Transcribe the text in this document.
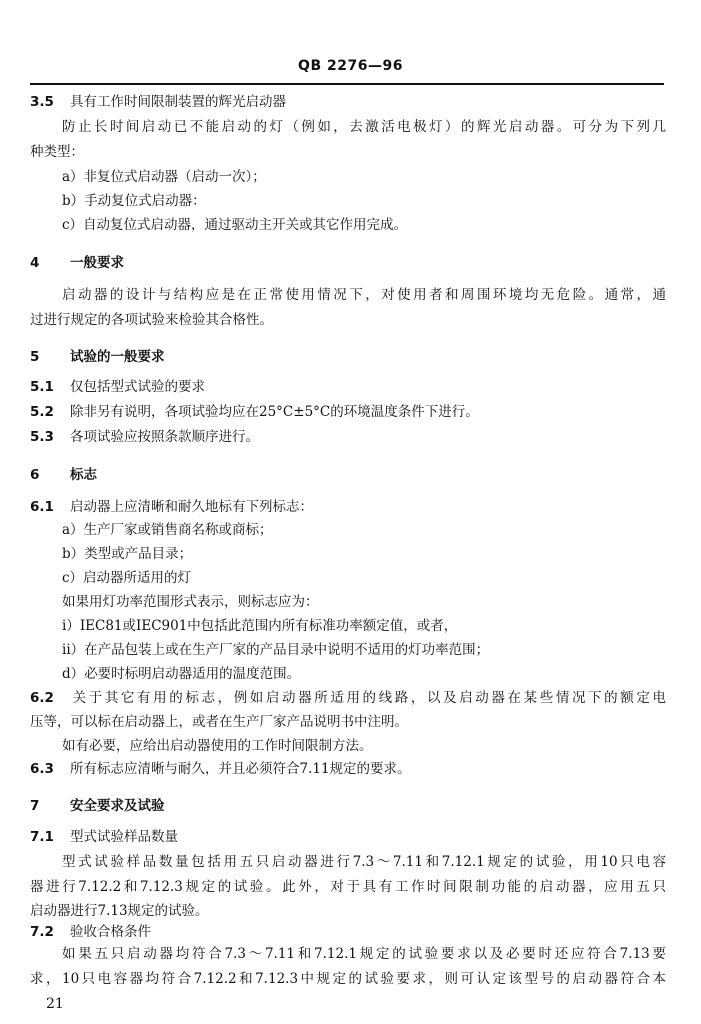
QB 2276—96
3.5 具有工作时间限制装置的辉光启动器
防止长时间启动已不能启动的灯（例如，去激活电极灯）的辉光启动器。可分为下列几
种类型：
a）非复位式启动器（启动一次）；
b）手动复位式启动器：
c）自动复位式启动器，通过驱动主开关或其它作用完成。
4 一般要求
启动器的设计与结构应是在正常使用情况下，对使用者和周围环境均无危险。通常，通
过进行规定的各项试验来检验其合格性。
5 试验的一般要求
5.1 仅包括型式试验的要求
5.2 除非另有说明，各项试验均应在25°C±5°C的环境温度条件下进行。
5.3 各项试验应按照条款顺序进行。
6 标志
6.1 启动器上应清晰和耐久地标有下列标志：
a）生产厂家或销售商名称或商标；
b）类型或产品目录；
c）启动器所适用的灯
如果用灯功率范围形式表示，则标志应为：
i）IEC81或IEC901中包括此范围内所有标准功率额定值，或者，
ii）在产品包装上或在生产厂家的产品目录中说明不适用的灯功率范围；
d）必要时标明启动器适用的温度范围。
6.2 关于其它有用的标志，例如启动器所适用的线路，以及启动器在某些情况下的额定电
压等，可以标在启动器上，或者在生产厂家产品说明书中注明。
如有必要，应给出启动器使用的工作时间限制方法。
6.3 所有标志应清晰与耐久，并且必须符合7.11规定的要求。
7 安全要求及试验
7.1 型式试验样品数量
型式试验样品数量包括用五只启动器进行7.3～7.11和7.12.1规定的试验，用10只电容
器进行7.12.2和7.12.3规定的试验。此外，对于具有工作时间限制功能的启动器，应用五只
启动器进行7.13规定的试验。
7.2 验收合格条件
如果五只启动器均符合7.3～7.11和7.12.1规定的试验要求以及必要时还应符合7.13要
求，10只电容器均符合7.12.2和7.12.3中规定的试验要求，则可认定该型号的启动器符合本
21
